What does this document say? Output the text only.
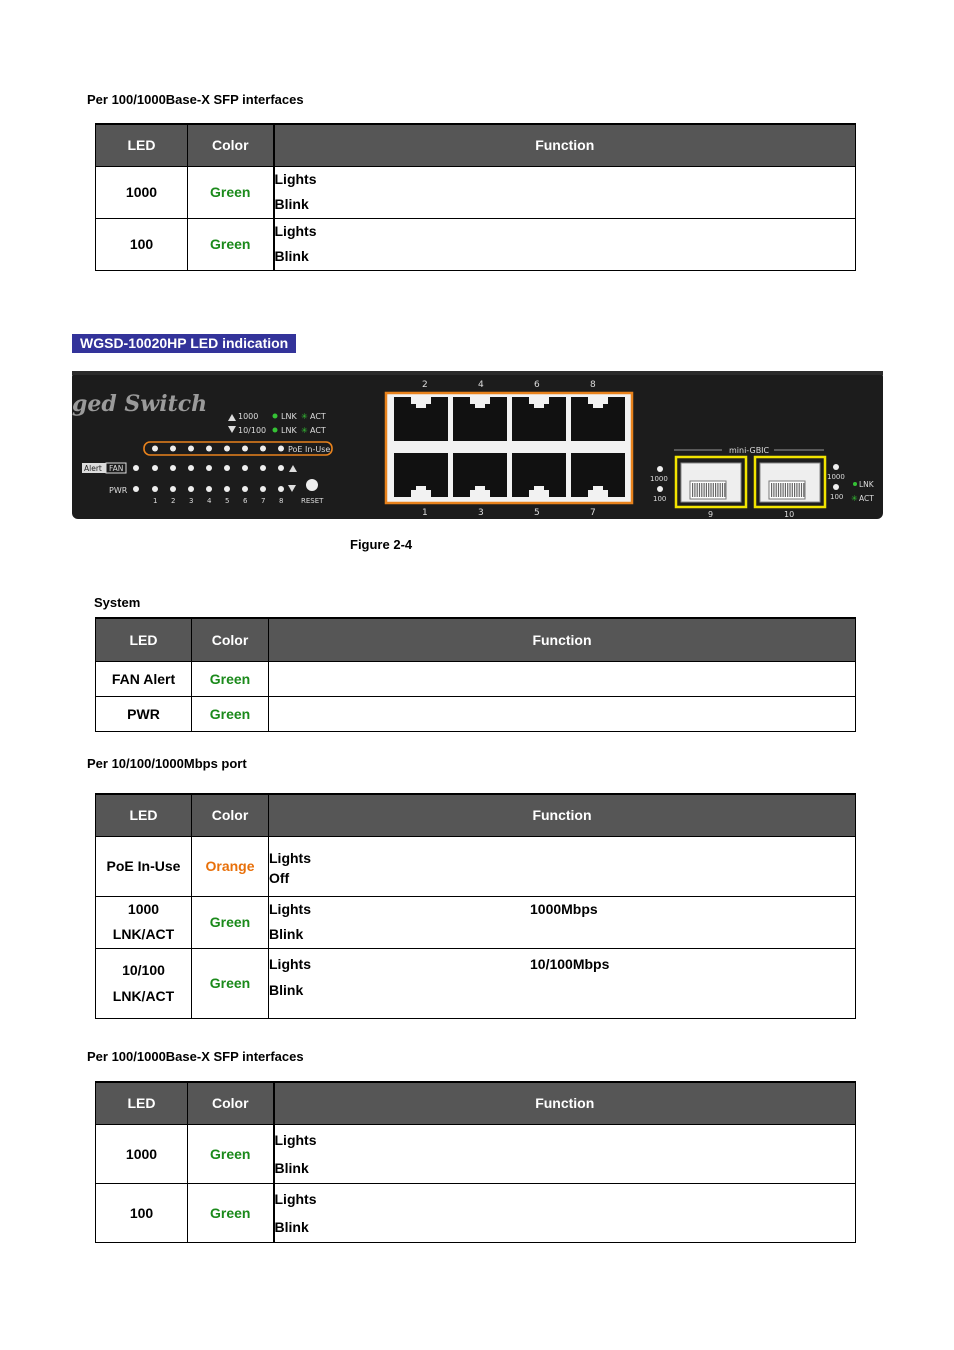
Per 100/1000Base-X SFP interfaces
LED	Color	Function
1000	Green	Lights
Blink

100	Green	Lights
Blink
WGSD-10020HP LED indication
ged Switch	1000
10/100
LNK ✳ ACT
LNK ✳ ACT
PoE In-Use
Alert FAN
PWR
RESET
1 2 3 4 5 6 7 8
2	4	6	8
1	3	5	7
mini-GBIC
1000
100
9	10
1000
100
LNK
✳ ACT
Figure 2-4
System
LED	Color	Function
FAN Alert	Green	
PWR	Green	
Per 10/100/1000Mbps port
LED	Color	Function

PoE In-Use	Orange	Lights
Off

1000
LNK/ACT	Green	Lights 1000Mbps
Blink

10/100
LNK/ACT	Green	Lights 10/100Mbps
Blink
Per 100/1000Base-X SFP interfaces
LED	Color	Function
1000	Green	Lights
Blink

100	Green	Lights
Blink
